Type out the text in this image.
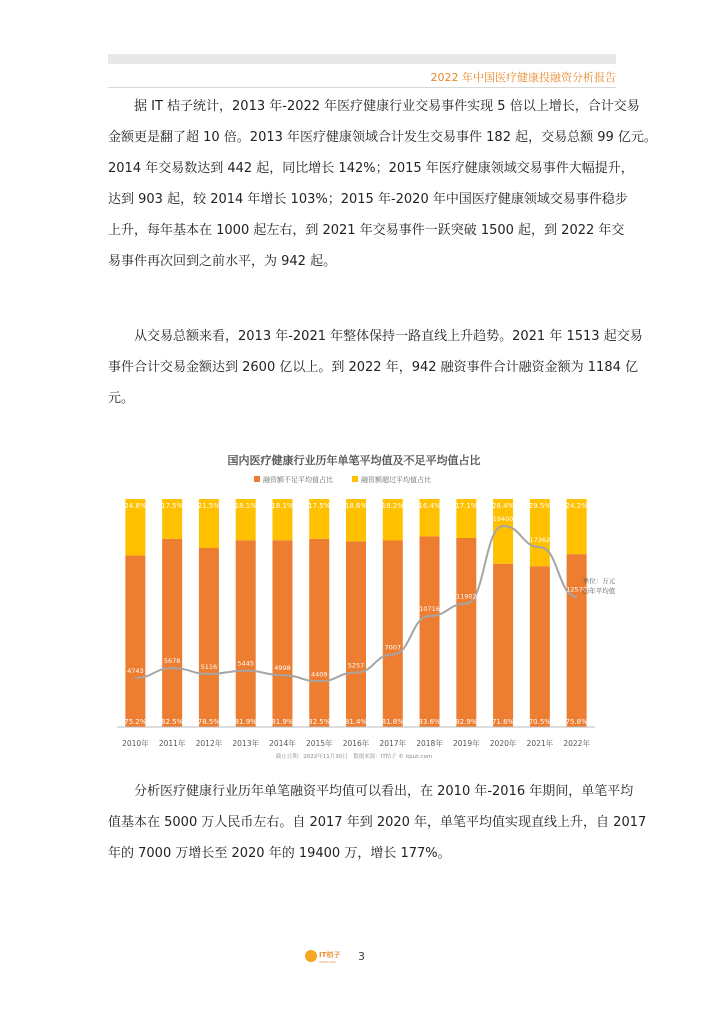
2022 年中国医疗健康投融资分析报告
　　据 IT 桔子统计，2013 年-2022 年医疗健康行业交易事件实现 5 倍以上增长，合计交易
金额更是翻了超 10 倍。2013 年医疗健康领域合计发生交易事件 182 起，交易总额 99 亿元。
2014 年交易数达到 442 起，同比增长 142%；2015 年医疗健康领域交易事件大幅提升，
达到 903 起，较 2014 年增长 103%；2015 年-2020 年中国医疗健康领域交易事件稳步
上升，每年基本在 1000 起左右，到 2021 年交易事件一跃突破 1500 起，到 2022 年交
易事件再次回到之前水平，为 942 起。
　　从交易总额来看，2013 年-2021 年整体保持一路直线上升趋势。2021 年 1513 起交易
事件合计交易金额达到 2600 亿以上。到 2022 年，942 融资事件合计融资金额为 1184 亿
元。
国内医疗健康行业历年单笔平均值及不足平均值占比
融资额不足平均值占比	融资额超过平均值占比
75.2%
24.8%
82.5%
17.5%
78.5%
21.5%
81.9%
18.1%
81.9%
18.1%
82.5%
17.5%
81.4%
18.6%
81.8%
18.2%
83.6%
16.4%
82.9%
17.1%
71.6%
28.4%
70.5%
29.5%
75.8%
24.2%
2010年 2011年 2012年 2013年 2014年 2015年 2016年 2017年 2018年 2019年 2020年 2021年 2022年
4743
5678
5116	5445
4998
4409
5257
7007
10716
11902
19400
17362
12570
单位：万元
历年平均值
截止日期：2022年11月30日　数据来源：IT桔子 © itjuzi.com
　　分析医疗健康行业历年单笔融资平均值可以看出，在 2010 年-2016 年期间，单笔平均
值基本在 5000 万人民币左右。自 2017 年到 2020 年，单笔平均值实现直线上升，自 2017
年的 7000 万增长至 2020 年的 19400 万，增长 177%。
IT桔子
ITJUZI.COM 3
